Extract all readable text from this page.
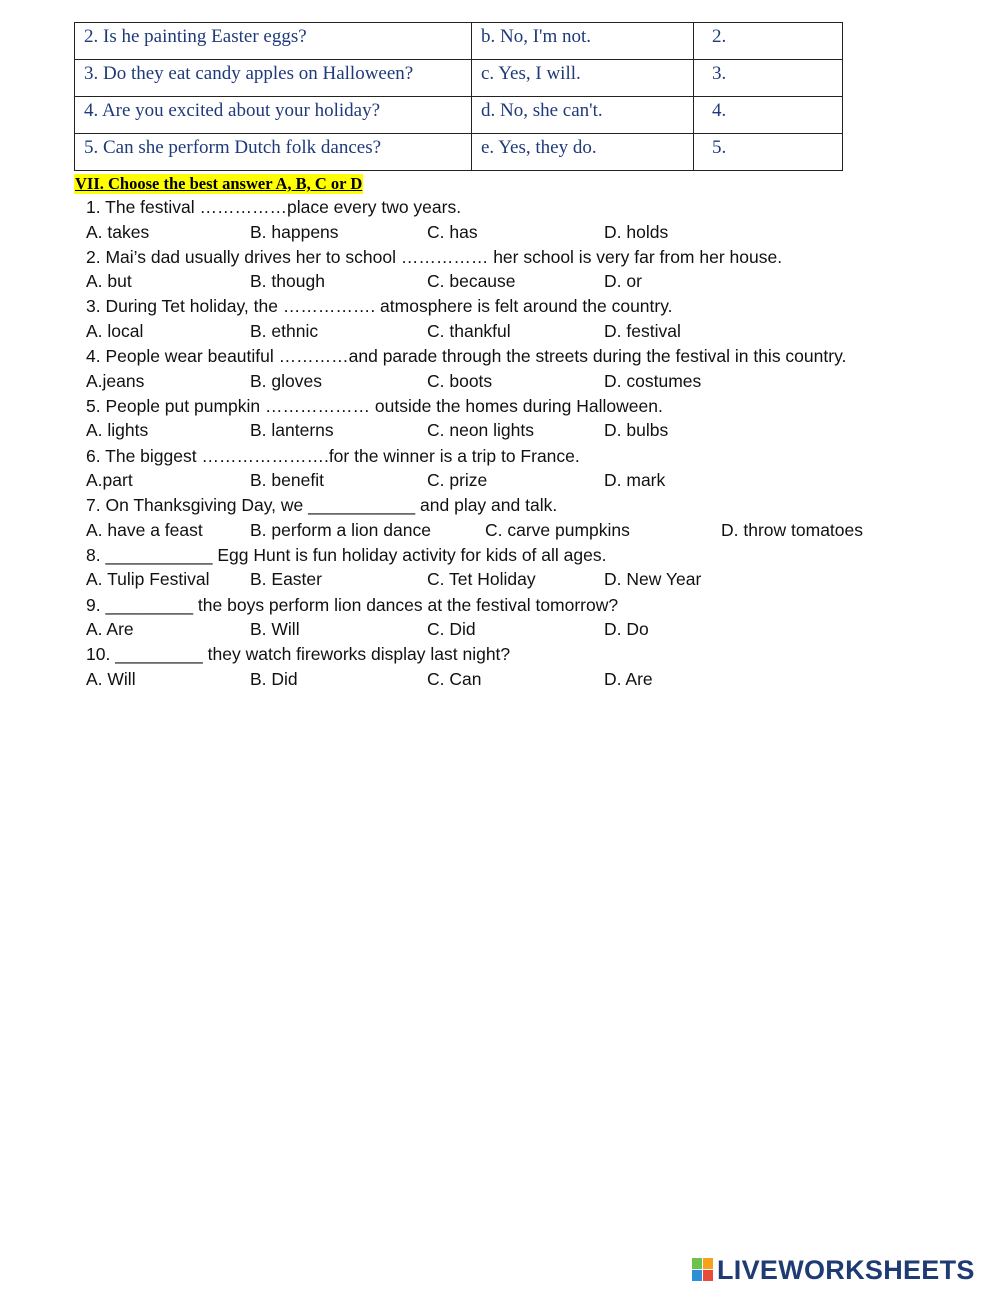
2. Is he painting Easter eggs?	b. No, I'm not.	2.
3. Do they eat candy apples on Halloween?	c. Yes, I will.	3.
4. Are you excited about your holiday?	d. No, she can't.	4.
5. Can she perform Dutch folk dances?	e. Yes, they do.	5.
VII. Choose the best answer A, B, C or D
1. The festival ……………place every two years.
A. takes	B. happens	C. has	D. holds
2. Mai’s dad usually drives her to school …………… her school is very far from her house.
A. but	B. though	C. because	D. or
3. During Tet holiday, the ……………. atmosphere is felt around the country.
A. local	B. ethnic	C. thankful	D. festival
4. People wear beautiful …………and parade through the streets during the festival in this country.
A.jeans	B. gloves	C. boots	D. costumes
5. People put pumpkin ……………… outside the homes during Halloween.
A. lights	B. lanterns	C. neon lights	D. bulbs
6. The biggest ………………….for the winner is a trip to France.
A.part	B. benefit	C. prize	D. mark
7. On Thanksgiving Day, we ___________ and play and talk.
A. have a feast	B. perform a lion dance	C. carve pumpkins	D. throw tomatoes
8. ___________ Egg Hunt is fun holiday activity for kids of all ages.
A. Tulip Festival B. Easter	C. Tet Holiday	D. New Year
9. _________ the boys perform lion dances at the festival tomorrow?
A. Are	B. Will	C. Did	D. Do
10. _________ they watch fireworks display last night?
A. Will	B. Did	C. Can	D. Are
LIVEWORKSHEETS
